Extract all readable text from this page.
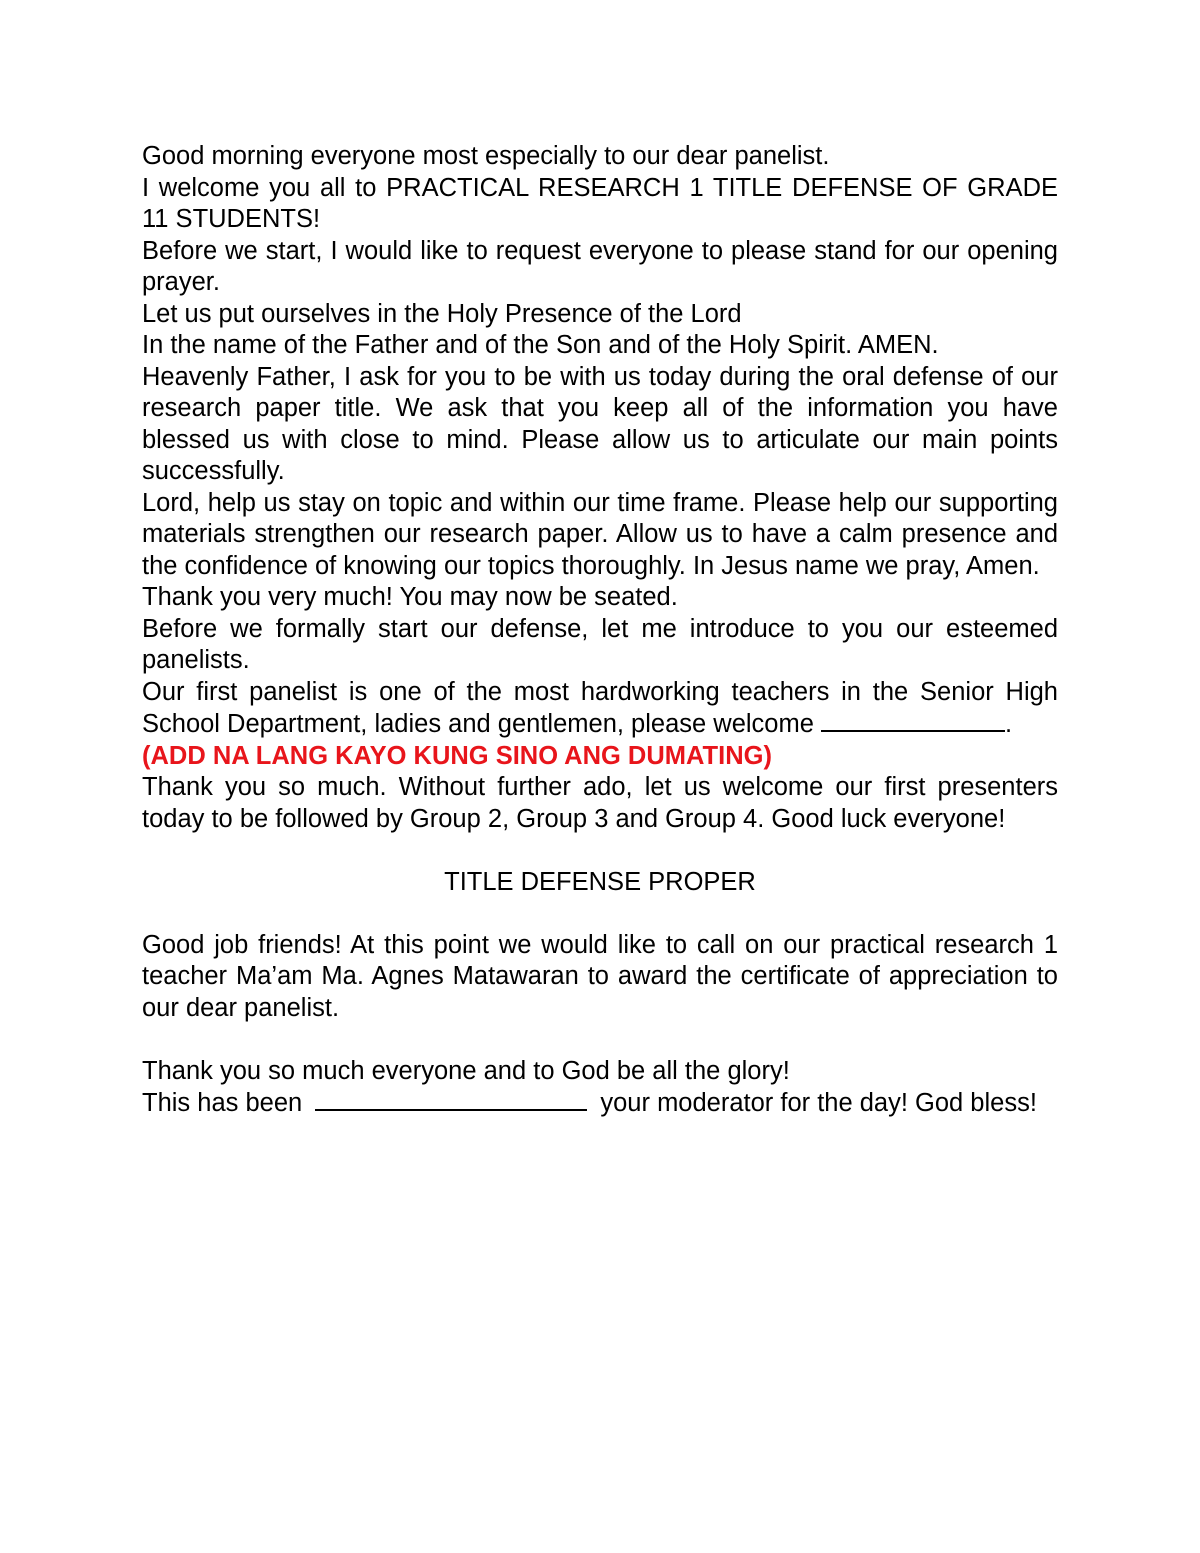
Good morning everyone most especially to our dear panelist.

I welcome you all to PRACTICAL RESEARCH 1 TITLE DEFENSE OF GRADE 11 STUDENTS!

Before we start, I would like to request everyone to please stand for our opening prayer.

Let us put ourselves in the Holy Presence of the Lord

In the name of the Father and of the Son and of the Holy Spirit. AMEN.

Heavenly Father, I ask for you to be with us today during the oral defense of our research paper title. We ask that you keep all of the information you have blessed us with close to mind. Please allow us to articulate our main points successfully.

Lord, help us stay on topic and within our time frame. Please help our supporting materials strengthen our research paper. Allow us to have a calm presence and the confidence of knowing our topics thoroughly. In Jesus name we pray, Amen.

Thank you very much! You may now be seated.

Before we formally start our defense, let me introduce to you our esteemed panelists.

Our first panelist is one of the most hardworking teachers in the Senior High School Department, ladies and gentlemen, please welcome	.

(ADD NA LANG KAYO KUNG SINO ANG DUMATING)

Thank you so much. Without further ado, let us welcome our first presenters today to be followed by Group 2, Group 3 and Group 4. Good luck everyone!

TITLE DEFENSE PROPER

Good job friends! At this point we would like to call on our practical research 1 teacher Ma’am Ma. Agnes Matawaran to award the certificate of appreciation to our dear panelist.

Thank you so much everyone and to God be all the glory!

This has been	your moderator for the day! God bless!
